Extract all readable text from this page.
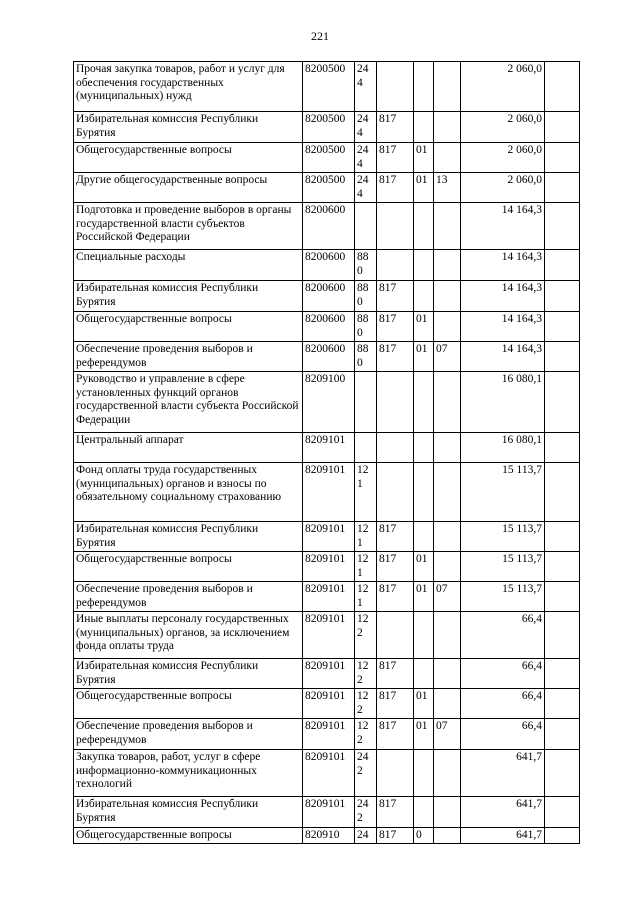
221
Прочая закупка товаров, работ и услуг для обеспечения государственных (муниципальных) нужд	8200500	244				2 060,0	
Избирательная комиссия Республики Бурятия	8200500	244	817			2 060,0	
Общегосударственные вопросы	8200500	244	817	01		2 060,0	
Другие общегосударственные вопросы	8200500	244	817	01	13	2 060,0	
Подготовка и проведение выборов в органы государственной власти субъектов Российской Федерации	8200600					14 164,3	
Специальные расходы	8200600	880				14 164,3	
Избирательная комиссия Республики Бурятия	8200600	880	817			14 164,3	
Общегосударственные вопросы	8200600	880	817	01		14 164,3	
Обеспечение проведения выборов и референдумов	8200600	880	817	01	07	14 164,3	
Руководство и управление в сфере установленных функций органов государственной власти субъекта Российской Федерации	8209100					16 080,1	
Центральный аппарат	8209101					16 080,1	
Фонд оплаты труда государственных (муниципальных) органов и взносы по обязательному социальному страхованию	8209101	121				15 113,7	
Избирательная комиссия Республики Бурятия	8209101	121	817			15 113,7	
Общегосударственные вопросы	8209101	121	817	01		15 113,7	
Обеспечение проведения выборов и референдумов	8209101	121	817	01	07	15 113,7	
Иные выплаты персоналу государственных (муниципальных) органов, за исключением фонда оплаты труда	8209101	122				66,4	
Избирательная комиссия Республики Бурятия	8209101	122	817			66,4	
Общегосударственные вопросы	8209101	122	817	01		66,4	
Обеспечение проведения выборов и референдумов	8209101	122	817	01	07	66,4	
Закупка товаров, работ, услуг в сфере информационно-коммуникационных технологий	8209101	242				641,7	
Избирательная комиссия Республики Бурятия	8209101	242	817			641,7	
Общегосударственные вопросы	820910	24	817	0		641,7	
